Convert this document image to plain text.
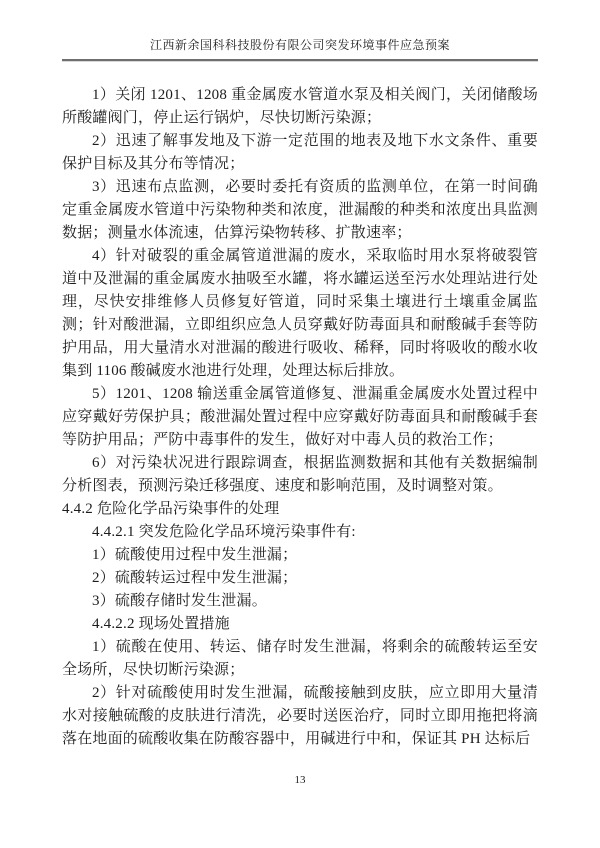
江西新余国科科技股份有限公司突发环境事件应急预案

1）关闭 1201、1208 重金属废水管道水泵及相关阀门，关闭储酸场所酸罐阀门，停止运行锅炉，尽快切断污染源；

2）迅速了解事发地及下游一定范围的地表及地下水文条件、重要保护目标及其分布等情况；

3）迅速布点监测，必要时委托有资质的监测单位，在第一时间确定重金属废水管道中污染物种类和浓度，泄漏酸的种类和浓度出具监测数据；测量水体流速，估算污染物转移、扩散速率；

4）针对破裂的重金属管道泄漏的废水，采取临时用水泵将破裂管道中及泄漏的重金属废水抽吸至水罐，将水罐运送至污水处理站进行处理，尽快安排维修人员修复好管道，同时采集土壤进行土壤重金属监测；针对酸泄漏，立即组织应急人员穿戴好防毒面具和耐酸碱手套等防护用品，用大量清水对泄漏的酸进行吸收、稀释，同时将吸收的酸水收集到 1106 酸碱废水池进行处理，处理达标后排放。

5）1201、1208 输送重金属管道修复、泄漏重金属废水处置过程中应穿戴好劳保护具；酸泄漏处置过程中应穿戴好防毒面具和耐酸碱手套等防护用品；严防中毒事件的发生，做好对中毒人员的救治工作；

6）对污染状况进行跟踪调查，根据监测数据和其他有关数据编制分析图表，预测污染迁移强度、速度和影响范围，及时调整对策。

4.4.2 危险化学品污染事件的处理

4.4.2.1 突发危险化学品环境污染事件有:

1）硫酸使用过程中发生泄漏；

2）硫酸转运过程中发生泄漏；

3）硫酸存储时发生泄漏。

4.4.2.2 现场处置措施

1）硫酸在使用、转运、储存时发生泄漏，将剩余的硫酸转运至安全场所，尽快切断污染源；

2）针对硫酸使用时发生泄漏，硫酸接触到皮肤，应立即用大量清水对接触硫酸的皮肤进行清洗，必要时送医治疗，同时立即用拖把将滴落在地面的硫酸收集在防酸容器中，用碱进行中和，保证其 PH 达标后

13
